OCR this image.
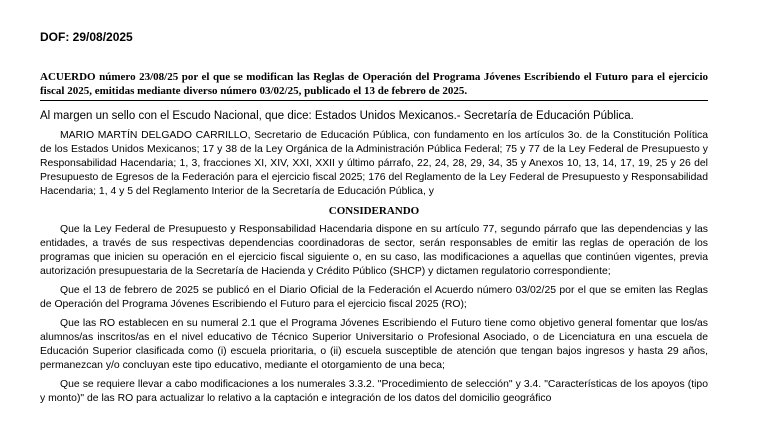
DOF: 29/08/2025
ACUERDO número 23/08/25 por el que se modifican las Reglas de Operación del Programa Jóvenes Escribiendo el Futuro para el ejercicio fiscal 2025, emitidas mediante diverso número 03/02/25, publicado el 13 de febrero de 2025.
Al margen un sello con el Escudo Nacional, que dice: Estados Unidos Mexicanos.- Secretaría de Educación Pública.

MARIO MARTÍN DELGADO CARRILLO, Secretario de Educación Pública, con fundamento en los artículos 3o. de la Constitución Política de los Estados Unidos Mexicanos; 17 y 38 de la Ley Orgánica de la Administración Pública Federal; 75 y 77 de la Ley Federal de Presupuesto y Responsabilidad Hacendaria; 1, 3, fracciones XI, XIV, XXI, XXII y último párrafo, 22, 24, 28, 29, 34, 35 y Anexos 10, 13, 14, 17, 19, 25 y 26 del Presupuesto de Egresos de la Federación para el ejercicio fiscal 2025; 176 del Reglamento de la Ley Federal de Presupuesto y Responsabilidad Hacendaria; 1, 4 y 5 del Reglamento Interior de la Secretaría de Educación Pública, y

CONSIDERANDO

Que la Ley Federal de Presupuesto y Responsabilidad Hacendaria dispone en su artículo 77, segundo párrafo que las dependencias y las entidades, a través de sus respectivas dependencias coordinadoras de sector, serán responsables de emitir las reglas de operación de los programas que inicien su operación en el ejercicio fiscal siguiente o, en su caso, las modificaciones a aquellas que continúen vigentes, previa autorización presupuestaria de la Secretaría de Hacienda y Crédito Público (SHCP) y dictamen regulatorio correspondiente;

Que el 13 de febrero de 2025 se publicó en el Diario Oficial de la Federación el Acuerdo número 03/02/25 por el que se emiten las Reglas de Operación del Programa Jóvenes Escribiendo el Futuro para el ejercicio fiscal 2025 (RO);

Que las RO establecen en su numeral 2.1 que el Programa Jóvenes Escribiendo el Futuro tiene como objetivo general fomentar que los/as alumnos/as inscritos/as en el nivel educativo de Técnico Superior Universitario o Profesional Asociado, o de Licenciatura en una escuela de Educación Superior clasificada como (i) escuela prioritaria, o (ii) escuela susceptible de atención que tengan bajos ingresos y hasta 29 años, permanezcan y/o concluyan este tipo educativo, mediante el otorgamiento de una beca;

Que se requiere llevar a cabo modificaciones a los numerales 3.3.2. "Procedimiento de selección" y 3.4. "Características de los apoyos (tipo y monto)" de las RO para actualizar lo relativo a la captación e integración de los datos del domicilio geográfico
